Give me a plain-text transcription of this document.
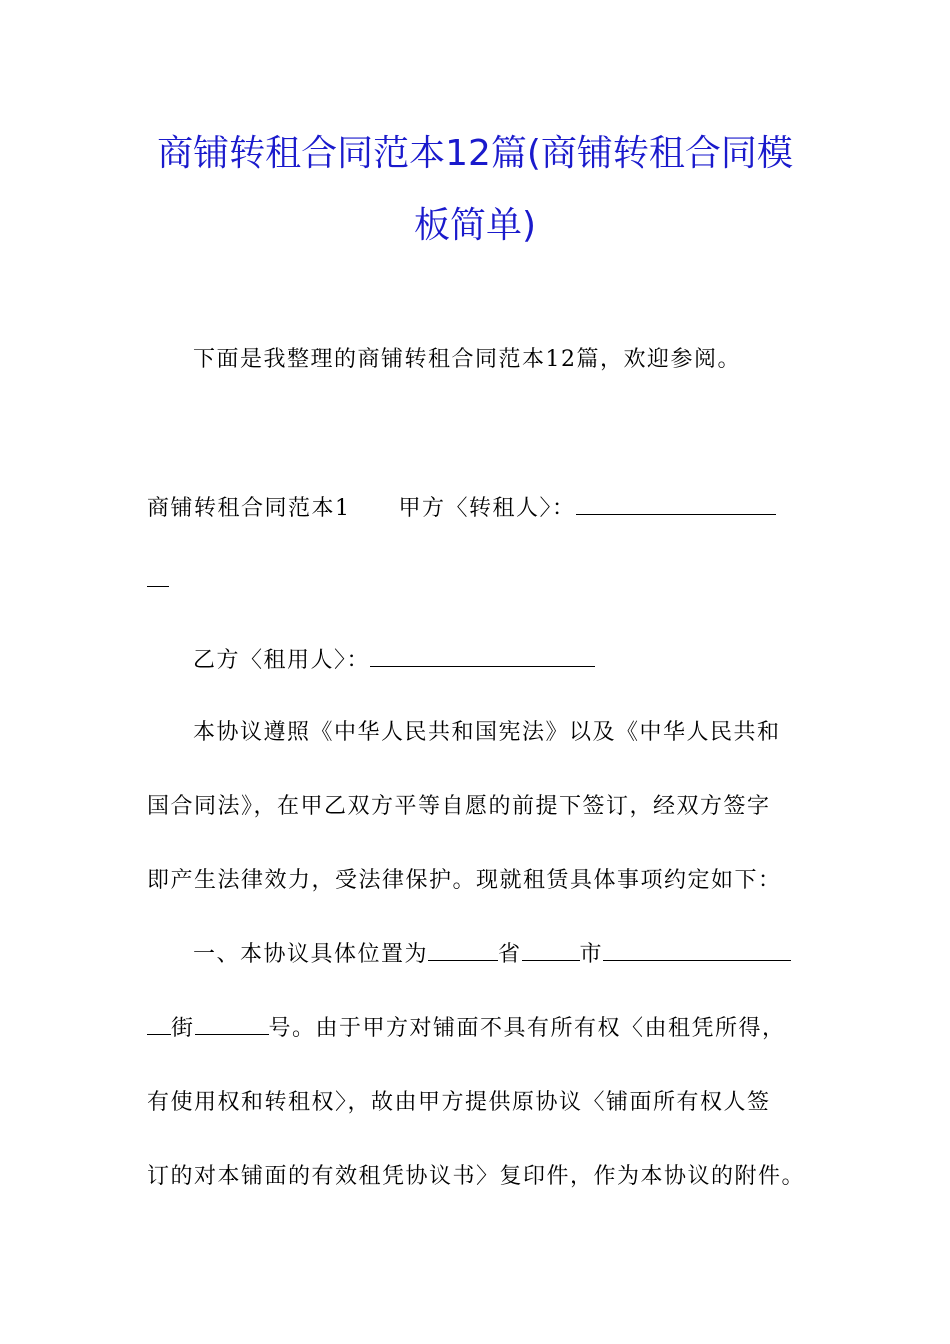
商铺转租合同范本12篇(商铺转租合同模
板简单)
下面是我整理的商铺转租合同范本12篇，欢迎参阅。
商铺转租合同范本1 甲方〈转租人〉：
乙方〈租用人〉：
本协议遵照《中华人民共和国宪法》以及《中华人民共和
国合同法》，在甲乙双方平等自愿的前提下签订，经双方签字
即产生法律效力，受法律保护。现就租赁具体事项约定如下：
一、本协议具体位置为	省	市
街	号。由于甲方对铺面不具有所有权〈由租凭所得，
有使用权和转租权〉，故由甲方提供原协议〈铺面所有权人签
订的对本铺面的有效租凭协议书〉复印件，作为本协议的附件。
